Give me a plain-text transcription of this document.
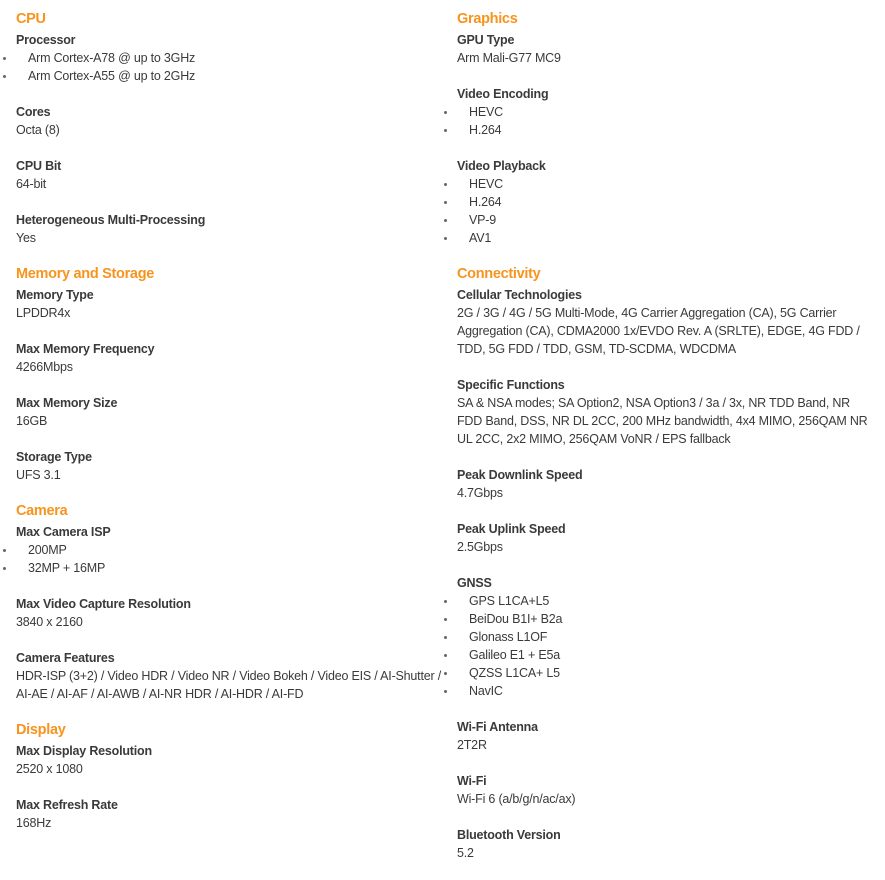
CPU
Processor
Arm Cortex-A78 @ up to 3GHz
Arm Cortex-A55 @ up to 2GHz
Cores
Octa (8)
CPU Bit
64-bit
Heterogeneous Multi-Processing
Yes
Memory and Storage
Memory Type
LPDDR4x
Max Memory Frequency
4266Mbps
Max Memory Size
16GB
Storage Type
UFS 3.1
Camera
Max Camera ISP
200MP
32MP + 16MP
Max Video Capture Resolution
3840 x 2160
Camera Features
HDR-ISP (3+2) / Video HDR / Video NR / Video Bokeh / Video EIS / AI-Shutter / AI-AE / AI-AF / AI-AWB / AI-NR HDR / AI-HDR / AI-FD
Display
Max Display Resolution
2520 x 1080
Max Refresh Rate
168Hz
Graphics
GPU Type
Arm Mali-G77 MC9
Video Encoding
HEVC
H.264
Video Playback
HEVC
H.264
VP-9
AV1
Connectivity
Cellular Technologies
2G / 3G / 4G / 5G Multi-Mode, 4G Carrier Aggregation (CA), 5G Carrier Aggregation (CA), CDMA2000 1x/EVDO Rev. A (SRLTE), EDGE, 4G FDD / TDD, 5G FDD / TDD, GSM, TD-SCDMA, WDCDMA
Specific Functions
SA & NSA modes; SA Option2, NSA Option3 / 3a / 3x, NR TDD Band, NR FDD Band, DSS, NR DL 2CC, 200 MHz bandwidth, 4x4 MIMO, 256QAM NR UL 2CC, 2x2 MIMO, 256QAM VoNR / EPS fallback
Peak Downlink Speed
4.7Gbps
Peak Uplink Speed
2.5Gbps
GNSS
GPS L1CA+L5
BeiDou B1I+ B2a
Glonass L1OF
Galileo E1 + E5a
QZSS L1CA+ L5
NavIC
Wi-Fi Antenna
2T2R
Wi-Fi
Wi-Fi 6 (a/b/g/n/ac/ax)
Bluetooth Version
5.2
